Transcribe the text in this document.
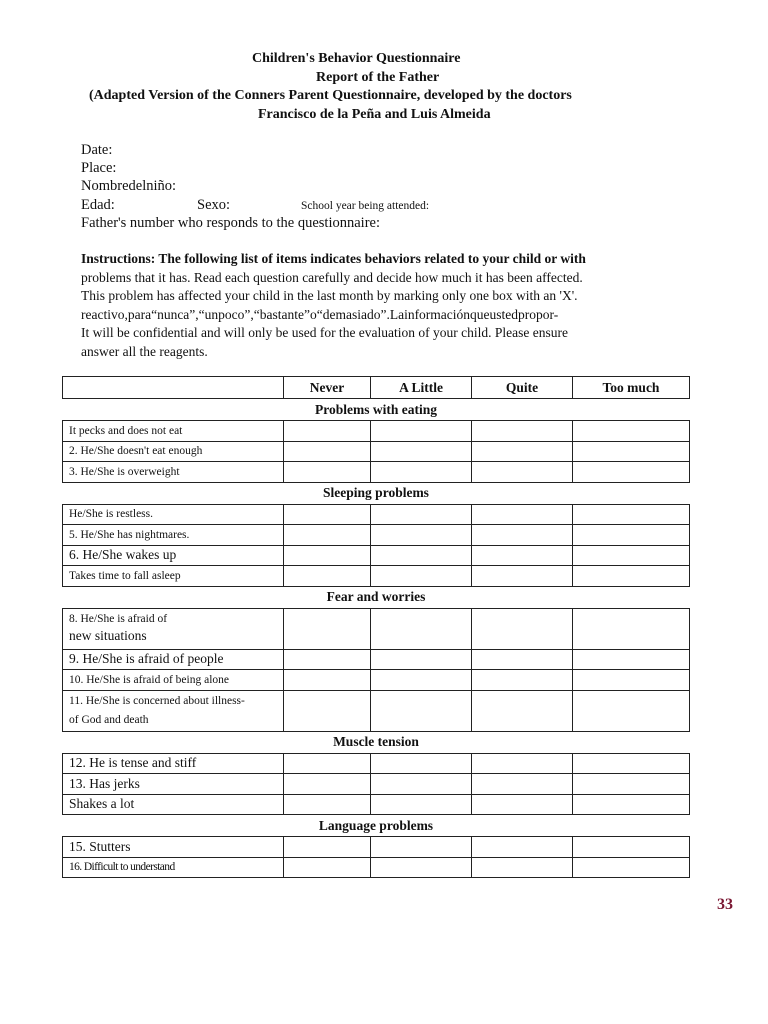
Children's Behavior Questionnaire
Report of the Father
(Adapted Version of the Conners Parent Questionnaire, developed by the doctors
Francisco de la Peña and Luis Almeida
Date:
Place:
Nombredelniño:
Edad:	Sexo:	School year being attended:
Father's number who responds to the questionnaire:
Instructions: The following list of items indicates behaviors related to your child or with
problems that it has. Read each question carefully and decide how much it has been affected.
This problem has affected your child in the last month by marking only one box with an 'X'.
reactivo,para“nunca”,“unpoco”,“bastante”o“demasiado”.Lainformaciónqueustedpropor-
It will be confidential and will only be used for the evaluation of your child. Please ensure
answer all the reagents.
	Never	A Little	Quite	Too much
Problems with eating				
It pecks and does not eat				
2. He/She doesn't eat enough				
3. He/She is overweight				
Sleeping problems				
He/She is restless.				
5. He/She has nightmares.				
6. He/She wakes up				
Takes time to fall asleep				
Fear and worries				

8. He/She is afraid of
new situations				

9. He/She is afraid of people				
10. He/She is afraid of being alone				

11. He/She is concerned about illness-
of God and death				

Muscle tension				
12. He is tense and stiff				
13. Has jerks				
Shakes a lot				
Language problems				
15. Stutters				
16. Difficult to understand				
33
